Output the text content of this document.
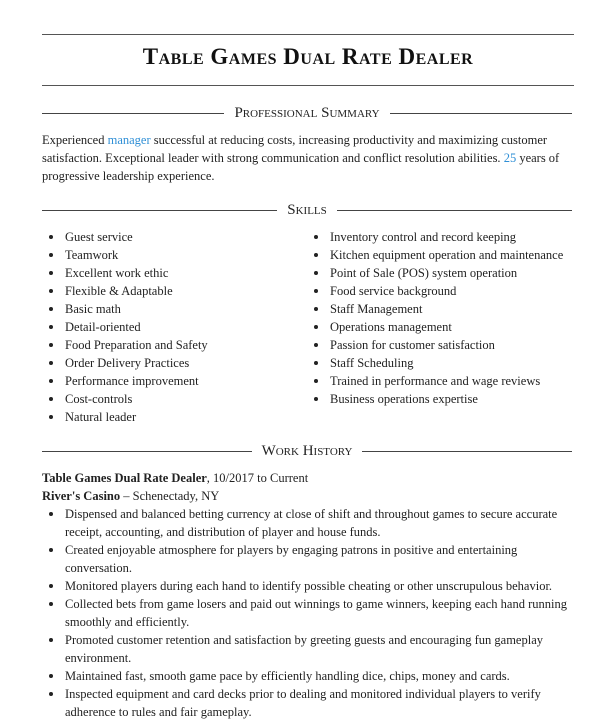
Table Games Dual Rate Dealer
Professional Summary
Experienced manager successful at reducing costs, increasing productivity and maximizing customer satisfaction. Exceptional leader with strong communication and conflict resolution abilities. 25 years of progressive leadership experience.
Skills
Guest service
Teamwork
Excellent work ethic
Flexible & Adaptable
Basic math
Detail-oriented
Food Preparation and Safety
Order Delivery Practices
Performance improvement
Cost-controls
Natural leader
Inventory control and record keeping
Kitchen equipment operation and maintenance
Point of Sale (POS) system operation
Food service background
Staff Management
Operations management
Passion for customer satisfaction
Staff Scheduling
Trained in performance and wage reviews
Business operations expertise
Work History
Table Games Dual Rate Dealer, 10/2017 to Current
River's Casino – Schenectady, NY
Dispensed and balanced betting currency at close of shift and throughout games to secure accurate receipt, accounting, and distribution of player and house funds.
Created enjoyable atmosphere for players by engaging patrons in positive and entertaining conversation.
Monitored players during each hand to identify possible cheating or other unscrupulous behavior.
Collected bets from game losers and paid out winnings to game winners, keeping each hand running smoothly and efficiently.
Promoted customer retention and satisfaction by greeting guests and encouraging fun gameplay environment.
Maintained fast, smooth game pace by efficiently handling dice, chips, money and cards.
Inspected equipment and card decks prior to dealing and monitored individual players to verify adherence to rules and fair gameplay.
